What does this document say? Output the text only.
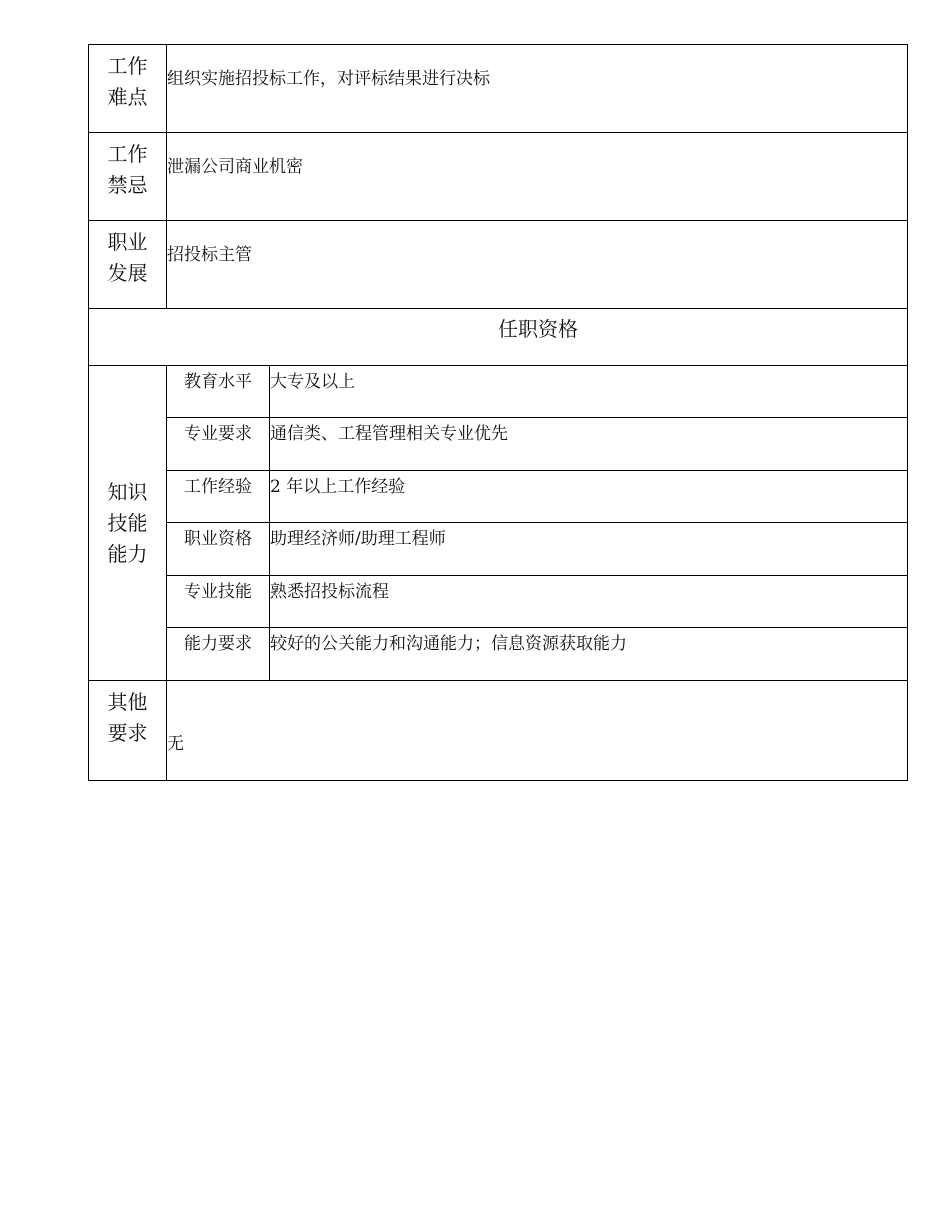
工作
难点	组织实施招投标工作，对评标结果进行决标	

工作
禁忌	泄漏公司商业机密	

职业
发展	招投标主管	
任职资格		

知识
技能
能力	教育水平	大专及以上
	专业要求	通信类、工程管理相关专业优先
	工作经验	2 年以上工作经验
	职业资格	助理经济师/助理工程师
	专业技能	熟悉招投标流程
	能力要求	较好的公关能力和沟通能力；信息资源获取能力

其他
要求	无	
